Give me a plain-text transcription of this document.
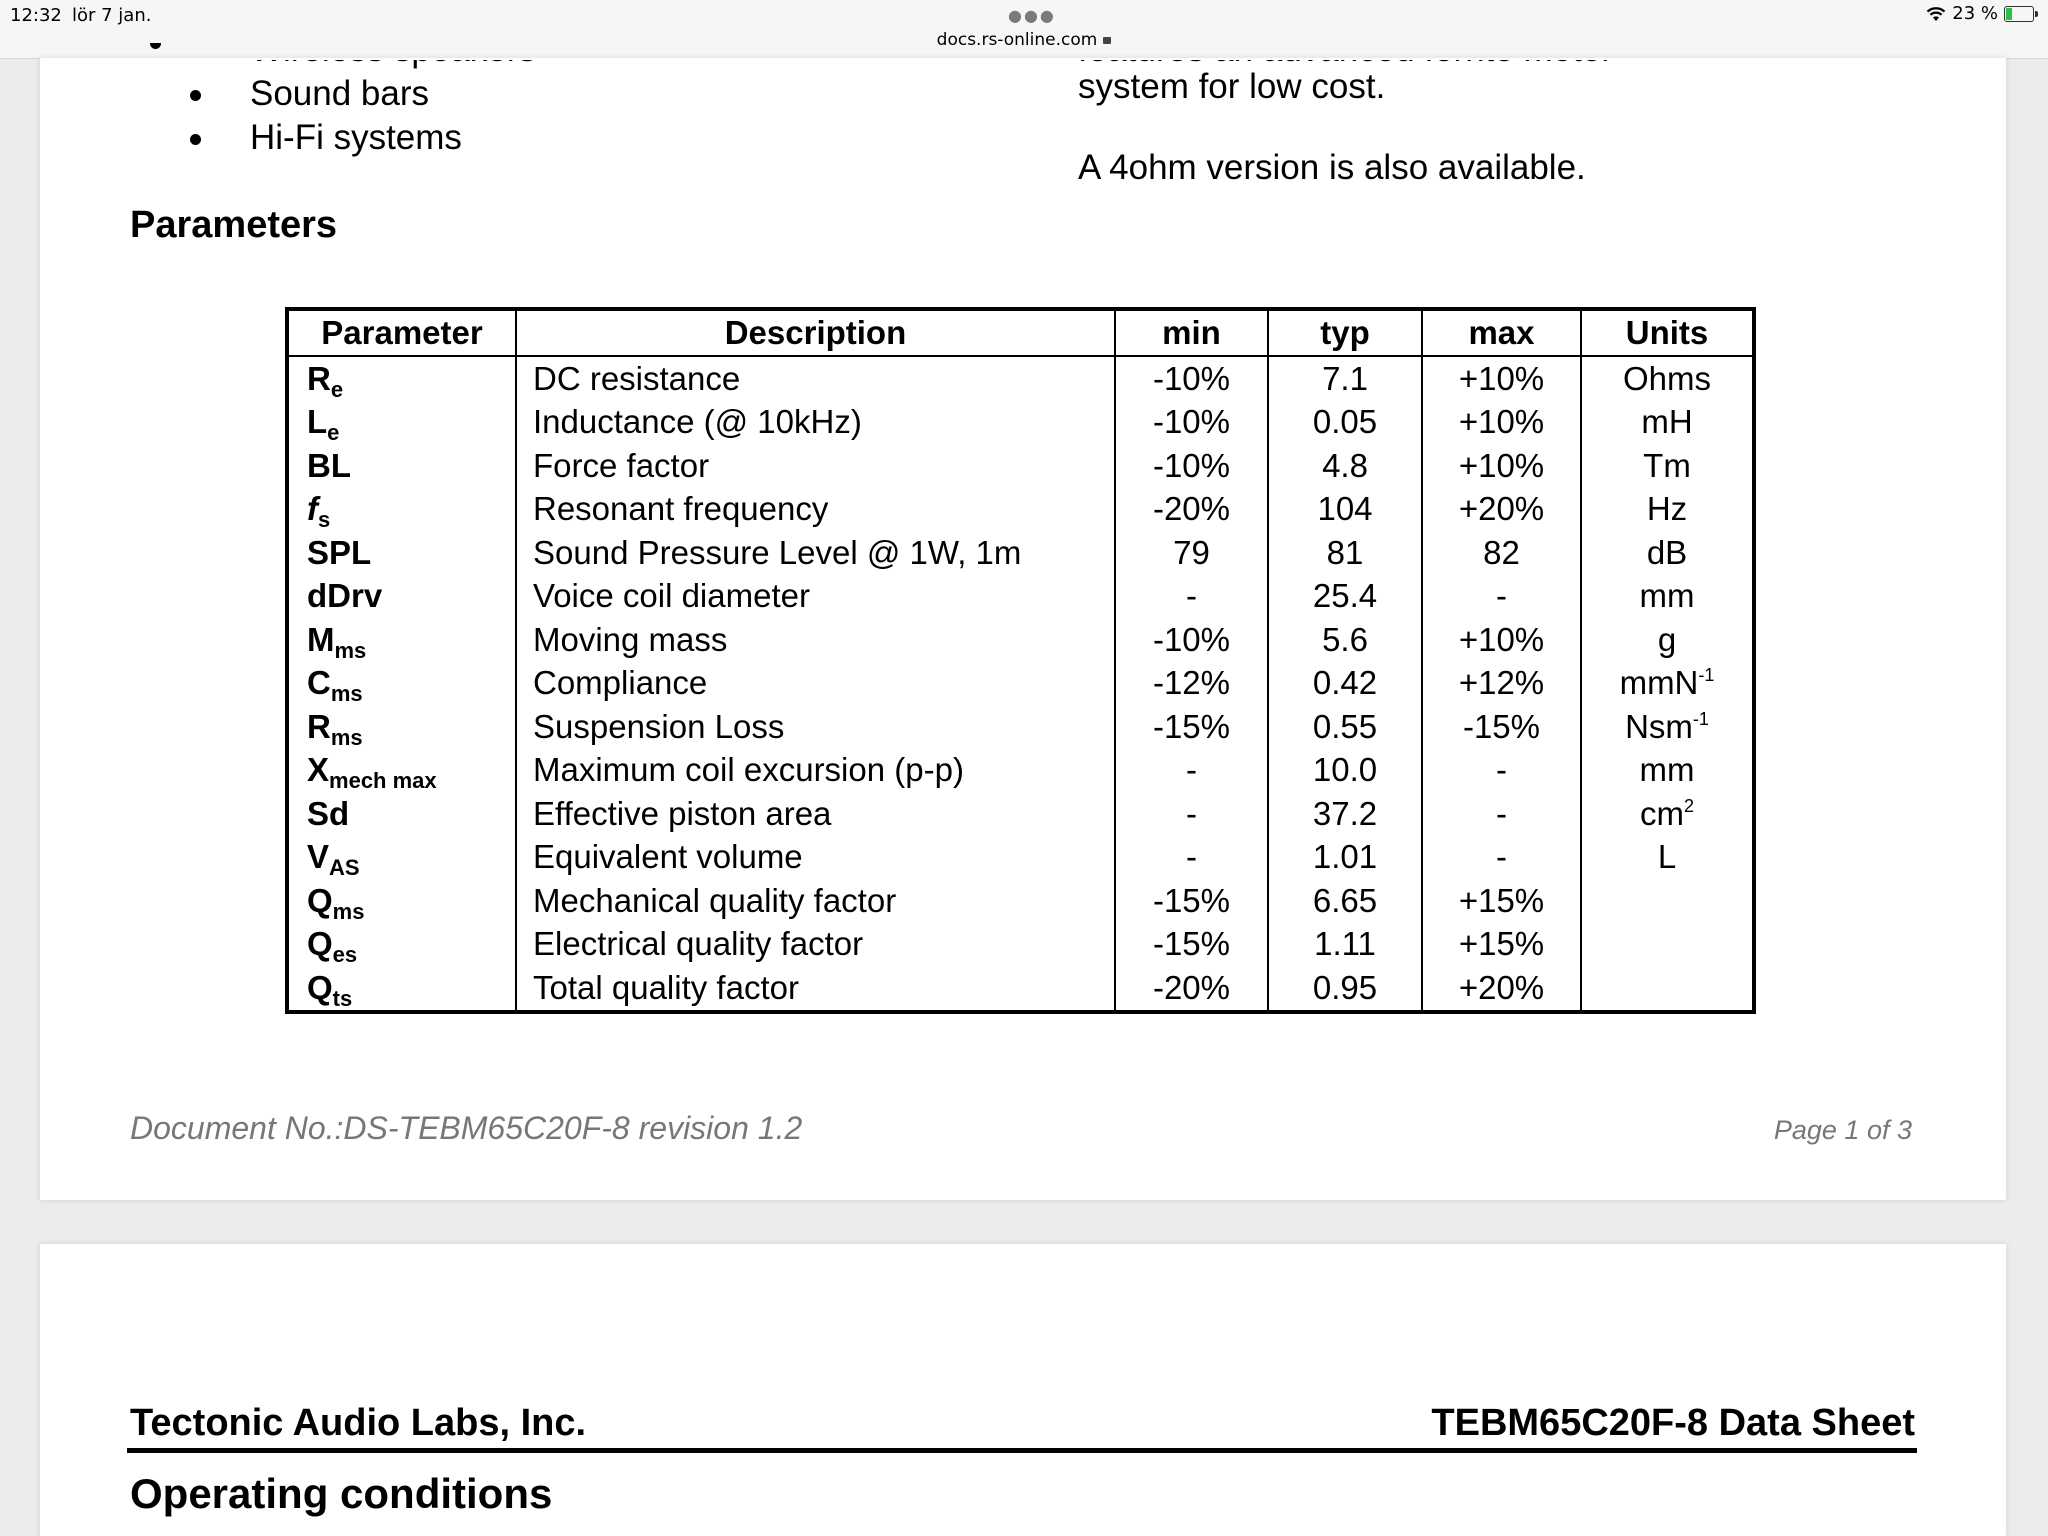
12:32 lör 7 jan.	●●●
docs.rs-online.com
23 %
Sound bars
Hi-Fi systems
system for low cost.
A 4ohm version is also available.
Parameters
Parameter	Description	min	typ	max	Units
$R_e$	DC resistance	-10%	7.1	+10%	Ohms
$L_e$	Inductance (@ 10kHz)	-10%	0.05	+10%	mH
BL	Force factor	-10%	4.8	+10%	Tm
$f_s$	Resonant frequency	-20%	104	+20%	Hz
SPL	Sound Pressure Level @ 1W, 1m	79	81	82	dB
dDrv	Voice coil diameter	-	25.4	-	mm
$M_{ms}$	Moving mass	-10%	5.6	+10%	g
$C_{ms}$	Compliance	-12%	0.42	+12%	mmN$^{-1}$
$R_{ms}$	Suspension Loss	-15%	0.55	-15%	Nsm$^{-1}$
$X_{mech max}$	Maximum coil excursion (p-p)	-	10.0	-	mm
Sd	Effective piston area	-	37.2	-	$cm^2$
$V_{AS}$	Equivalent volume	-	1.01	-	L
$Q_{ms}$	Mechanical quality factor	-15%	6.65	+15%	
$Q_{es}$	Electrical quality factor	-15%	1.11	+15%	
$Q_{ts}$	Total quality factor	-20%	0.95	+20%	
Document No.:DS-TEBM65C20F-8 revision 1.2	Page 1 of 3
Tectonic Audio Labs, Inc.	TEBM65C20F-8 Data Sheet
Operating conditions
